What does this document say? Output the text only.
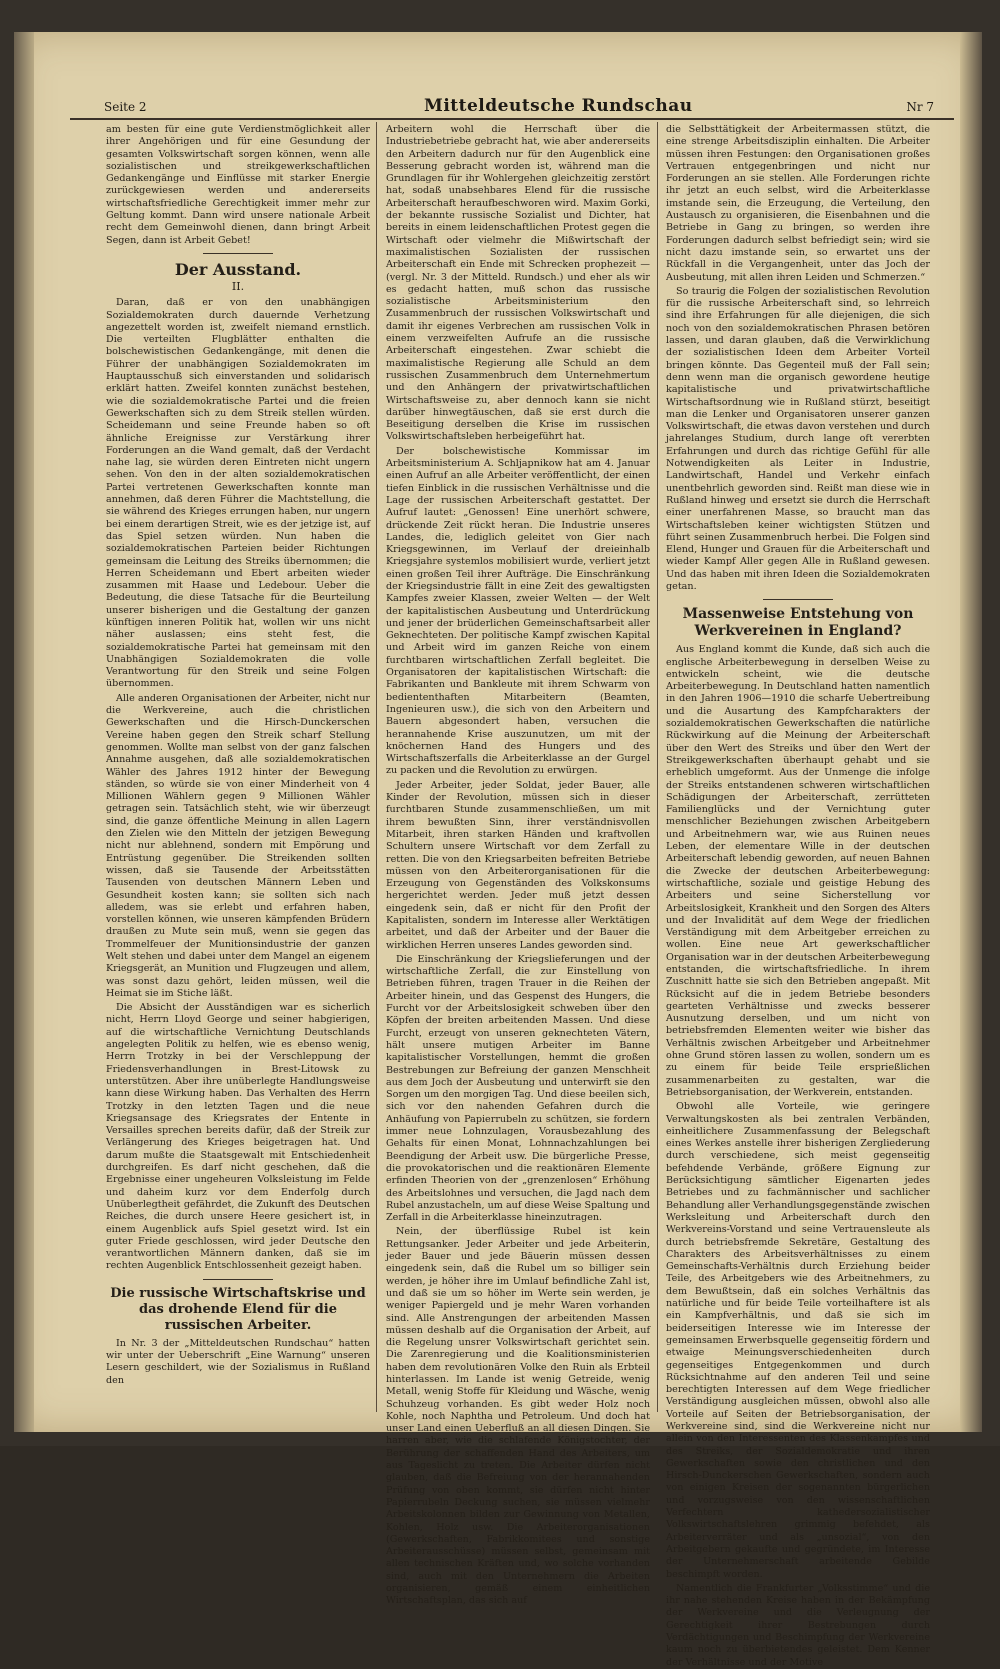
Seite 2	Mitteldeutsche Rundschau	Nr 7

am besten für eine gute Verdienstmöglichkeit aller ihrer Angehörigen und für eine Gesundung der gesamten Volkswirtschaft sorgen können, wenn alle sozialistischen und streikgewerkschaftlichen Gedankengänge und Einflüsse mit starker Energie zurückgewiesen werden und andererseits wirtschaftsfriedliche Gerechtigkeit immer mehr zur Geltung kommt. Dann wird unsere nationale Arbeit recht dem Gemeinwohl dienen, dann bringt Arbeit Segen, dann ist Arbeit Gebet!

Der Ausstand.
II.

Daran, daß er von den unabhängigen Sozialdemokraten durch dauernde Verhetzung angezettelt worden ist, zweifelt niemand ernstlich. Die verteilten Flugblätter enthalten die bolschewistischen Gedankengänge, mit denen die Führer der unabhängigen Sozialdemokraten im Hauptausschuß sich einverstanden und solidarisch erklärt hatten. Zweifel konnten zunächst bestehen, wie die sozialdemokratische Partei und die freien Gewerkschaften sich zu dem Streik stellen würden. Scheidemann und seine Freunde haben so oft ähnliche Ereignisse zur Verstärkung ihrer Forderungen an die Wand gemalt, daß der Verdacht nahe lag, sie würden deren Eintreten nicht ungern sehen. Von den in der alten sozialdemokratischen Partei vertretenen Gewerkschaften konnte man annehmen, daß deren Führer die Machtstellung, die sie während des Krieges errungen haben, nur ungern bei einem derartigen Streit, wie es der jetzige ist, auf das Spiel setzen würden. Nun haben die sozialdemokratischen Parteien beider Richtungen gemeinsam die Leitung des Streiks übernommen; die Herren Scheidemann und Ebert arbeiten wieder zusammen mit Haase und Ledebour. Ueber die Bedeutung, die diese Tatsache für die Beurteilung unserer bisherigen und die Gestaltung der ganzen künftigen inneren Politik hat, wollen wir uns nicht näher auslassen; eins steht fest, die sozialdemokratische Partei hat gemeinsam mit den Unabhängigen Sozialdemokraten die volle Verantwortung für den Streik und seine Folgen übernommen.

Alle anderen Organisationen der Arbeiter, nicht nur die Werkvereine, auch die christlichen Gewerkschaften und die Hirsch-Dunckerschen Vereine haben gegen den Streik scharf Stellung genommen. Wollte man selbst von der ganz falschen Annahme ausgehen, daß alle sozialdemokratischen Wähler des Jahres 1912 hinter der Bewegung ständen, so würde sie von einer Minderheit von 4 Millionen Wählern gegen 9 Millionen Wähler getragen sein. Tatsächlich steht, wie wir überzeugt sind, die ganze öffentliche Meinung in allen Lagern den Zielen wie den Mitteln der jetzigen Bewegung nicht nur ablehnend, sondern mit Empörung und Entrüstung gegenüber. Die Streikenden sollten wissen, daß sie Tausende der Arbeitsstätten Tausenden von deutschen Männern Leben und Gesundheit kosten kann; sie sollten sich nach alledem, was sie erlebt und erfahren haben, vorstellen können, wie unseren kämpfenden Brüdern draußen zu Mute sein muß, wenn sie gegen das Trommelfeuer der Munitionsindustrie der ganzen Welt stehen und dabei unter dem Mangel an eigenem Kriegsgerät, an Munition und Flugzeugen und allem, was sonst dazu gehört, leiden müssen, weil die Heimat sie im Stiche läßt.

Die Absicht der Ausständigen war es sicherlich nicht, Herrn Lloyd George und seiner habgierigen, auf die wirtschaftliche Vernichtung Deutschlands angelegten Politik zu helfen, wie es ebenso wenig, Herrn Trotzky in bei der Verschleppung der Friedensverhandlungen in Brest-Litowsk zu unterstützen. Aber ihre unüberlegte Handlungsweise kann diese Wirkung haben. Das Verhalten des Herrn Trotzky in den letzten Tagen und die neue Kriegsansage des Kriegsrates der Entente in Versailles sprechen bereits dafür, daß der Streik zur Verlängerung des Krieges beigetragen hat. Und darum mußte die Staatsgewalt mit Entschiedenheit durchgreifen. Es darf nicht geschehen, daß die Ergebnisse einer ungeheuren Volksleistung im Felde und daheim kurz vor dem Enderfolg durch Unüberlegtheit gefährdet, die Zukunft des Deutschen Reiches, die durch unsere Heere gesichert ist, in einem Augenblick aufs Spiel gesetzt wird. Ist ein guter Friede geschlossen, wird jeder Deutsche den verantwortlichen Männern danken, daß sie im rechten Augenblick Entschlossenheit gezeigt haben.

Die russische Wirtschaftskrise und das drohende Elend für die russischen Arbeiter.

In Nr. 3 der „Mitteldeutschen Rundschau“ hatten wir unter der Ueberschrift „Eine Warnung“ unseren Lesern geschildert, wie der Sozialismus in Rußland den

Arbeitern wohl die Herrschaft über die Industriebetriebe gebracht hat, wie aber andererseits den Arbeitern dadurch nur für den Augenblick eine Besserung gebracht worden ist, während man die Grundlagen für ihr Wohlergehen gleichzeitig zerstört hat, sodaß unabsehbares Elend für die russische Arbeiterschaft heraufbeschworen wird. Maxim Gorki, der bekannte russische Sozialist und Dichter, hat bereits in einem leidenschaftlichen Protest gegen die Wirtschaft oder vielmehr die Mißwirtschaft der maximalistischen Sozialisten der russischen Arbeiterschaft ein Ende mit Schrecken prophezeit — (vergl. Nr. 3 der Mitteld. Rundsch.) und eher als wir es gedacht hatten, muß schon das russische sozialistische Arbeitsministerium den Zusammenbruch der russischen Volkswirtschaft und damit ihr eigenes Verbrechen am russischen Volk in einem verzweifelten Aufrufe an die russische Arbeiterschaft eingestehen. Zwar schiebt die maximalistische Regierung alle Schuld an dem russischen Zusammenbruch dem Unternehmertum und den Anhängern der privatwirtschaftlichen Wirtschaftsweise zu, aber dennoch kann sie nicht darüber hinwegtäuschen, daß sie erst durch die Beseitigung derselben die Krise im russischen Volkswirtschaftsleben herbeigeführt hat.

Der bolschewistische Kommissar im Arbeitsministerium A. Schljapnikow hat am 4. Januar einen Aufruf an alle Arbeiter veröffentlicht, der einen tiefen Einblick in die russischen Verhältnisse und die Lage der russischen Arbeiterschaft gestattet. Der Aufruf lautet: „Genossen! Eine unerhört schwere, drückende Zeit rückt heran. Die Industrie unseres Landes, die, lediglich geleitet von Gier nach Kriegsgewinnen, im Verlauf der dreieinhalb Kriegsjahre systemlos mobilisiert wurde, verliert jetzt einen großen Teil ihrer Aufträge. Die Einschränkung der Kriegsindustrie fällt in eine Zeit des gewaltigsten Kampfes zweier Klassen, zweier Welten — der Welt der kapitalistischen Ausbeutung und Unterdrückung und jener der brüderlichen Gemeinschaftsarbeit aller Geknechteten. Der politische Kampf zwischen Kapital und Arbeit wird im ganzen Reiche von einem furchtbaren wirtschaftlichen Zerfall begleitet. Die Organisatoren der kapitalistischen Wirtschaft: die Fabrikanten und Bankleute mit ihrem Schwarm von bediententhaften Mitarbeitern (Beamten, Ingenieuren usw.), die sich von den Arbeitern und Bauern abgesondert haben, versuchen die herannahende Krise auszunutzen, um mit der knöchernen Hand des Hungers und des Wirtschaftszerfalls die Arbeiterklasse an der Gurgel zu packen und die Revolution zu erwürgen.

Jeder Arbeiter, jeder Soldat, jeder Bauer, alle Kinder der Revolution, müssen sich in dieser furchtbaren Stunde zusammenschließen, um mit ihrem bewußten Sinn, ihrer verständnisvollen Mitarbeit, ihren starken Händen und kraftvollen Schultern unsere Wirtschaft vor dem Zerfall zu retten. Die von den Kriegsarbeiten befreiten Betriebe müssen von den Arbeiterorganisationen für die Erzeugung von Gegenständen des Volkskonsums hergerichtet werden. Jeder muß jetzt dessen eingedenk sein, daß er nicht für den Profit der Kapitalisten, sondern im Interesse aller Werktätigen arbeitet, und daß der Arbeiter und der Bauer die wirklichen Herren unseres Landes geworden sind.

Die Einschränkung der Kriegslieferungen und der wirtschaftliche Zerfall, die zur Einstellung von Betrieben führen, tragen Trauer in die Reihen der Arbeiter hinein, und das Gespenst des Hungers, die Furcht vor der Arbeitslosigkeit schweben über den Köpfen der breiten arbeitenden Massen. Und diese Furcht, erzeugt von unseren geknechteten Vätern, hält unsere mutigen Arbeiter im Banne kapitalistischer Vorstellungen, hemmt die großen Bestrebungen zur Befreiung der ganzen Menschheit aus dem Joch der Ausbeutung und unterwirft sie den Sorgen um den morgigen Tag. Und diese beeilen sich, sich vor den nahenden Gefahren durch die Anhäufung von Papierrubeln zu schützen, sie fordern immer neue Lohnzulagen, Vorausbezahlung des Gehalts für einen Monat, Lohnnachzahlungen bei Beendigung der Arbeit usw. Die bürgerliche Presse, die provokatorischen und die reaktionären Elemente erfinden Theorien von der „grenzenlosen“ Erhöhung des Arbeitslohnes und versuchen, die Jagd nach dem Rubel anzustacheln, um auf diese Weise Spaltung und Zerfall in die Arbeiterklasse hineinzutragen.

Nein, der überflüssige Rubel ist kein Rettungsanker. Jeder Arbeiter und jede Arbeiterin, jeder Bauer und jede Bäuerin müssen dessen eingedenk sein, daß die Rubel um so billiger sein werden, je höher ihre im Umlauf befindliche Zahl ist, und daß sie um so höher im Werte sein werden, je weniger Papiergeld und je mehr Waren vorhanden sind. Alle Anstrengungen der arbeitenden Massen müssen deshalb auf die Organisation der Arbeit, auf die Regelung unsrer Volkswirtschaft gerichtet sein. Die Zarenregierung und die Koalitionsministerien haben dem revolutionären Volke den Ruin als Erbteil hinterlassen. Im Lande ist wenig Getreide, wenig Metall, wenig Stoffe für Kleidung und Wäsche, wenig Schuhzeug vorhanden. Es gibt weder Holz noch Kohle, noch Naphtha und Petroleum. Und doch hat unser Land einen Ueberfluß an all diesen Dingen. Sie harren aber, wie die schlafende Königstochter, der Berührung der schaffenden Hand des Arbeiters, um aus Tageslicht zu treten. Die Arbeiter dürfen nicht glauben, daß die Befreiung von der herannahenden Prüfung von oben kommt, sie dürfen nicht hinter Papierrubeln Deckung suchen, sie müssen vielmehr Arbeitskolonnen bilden zur Gewinnung von Metallen, Kohlen, Holz usw. Die Arbeiterorganisationen (Gewerkschaften, Fabrikkomitees und sonstige Arbeiterausschüsse) müssen selbst, gemeinsam mit allen technischen Kräften und, wo solche vorhanden sind, auch mit den Unternehmern die Arbeiten organisieren, gemäß einem einheitlichen Wirtschaftsplan, das sich auf

die Selbsttätigkeit der Arbeitermassen stützt, die eine strenge Arbeitsdisziplin einhalten. Die Arbeiter müssen ihren Festungen: den Organisationen großes Vertrauen entgegenbringen und nicht nur Forderungen an sie stellen. Alle Forderungen richte ihr jetzt an euch selbst, wird die Arbeiterklasse imstande sein, die Erzeugung, die Verteilung, den Austausch zu organisieren, die Eisenbahnen und die Betriebe in Gang zu bringen, so werden ihre Forderungen dadurch selbst befriedigt sein; wird sie nicht dazu imstande sein, so erwartet uns der Rückfall in die Vergangenheit, unter das Joch der Ausbeutung, mit allen ihren Leiden und Schmerzen.“

So traurig die Folgen der sozialistischen Revolution für die russische Arbeiterschaft sind, so lehrreich sind ihre Erfahrungen für alle diejenigen, die sich noch von den sozialdemokratischen Phrasen betören lassen, und daran glauben, daß die Verwirklichung der sozialistischen Ideen dem Arbeiter Vorteil bringen könnte. Das Gegenteil muß der Fall sein; denn wenn man die organisch gewordene heutige kapitalistische und privatwirtschaftliche Wirtschaftsordnung wie in Rußland stürzt, beseitigt man die Lenker und Organisatoren unserer ganzen Volkswirtschaft, die etwas davon verstehen und durch jahrelanges Studium, durch lange oft vererbten Erfahrungen und durch das richtige Gefühl für alle Notwendigkeiten als Leiter in Industrie, Landwirtschaft, Handel und Verkehr einfach unentbehrlich geworden sind. Reißt man diese wie in Rußland hinweg und ersetzt sie durch die Herrschaft einer unerfahrenen Masse, so braucht man das Wirtschaftsleben keiner wichtigsten Stützen und führt seinen Zusammenbruch herbei. Die Folgen sind Elend, Hunger und Grauen für die Arbeiterschaft und wieder Kampf Aller gegen Alle in Rußland gewesen. Und das haben mit ihren Ideen die Sozialdemokraten getan.

Massenweise Entstehung von Werkvereinen in England?

Aus England kommt die Kunde, daß sich auch die englische Arbeiterbewegung in derselben Weise zu entwickeln scheint, wie die deutsche Arbeiterbewegung. In Deutschland hatten namentlich in den Jahren 1906—1910 die scharfe Uebertreibung und die Ausartung des Kampfcharakters der sozialdemokratischen Gewerkschaften die natürliche Rückwirkung auf die Meinung der Arbeiterschaft über den Wert des Streiks und über den Wert der Streikgewerkschaften überhaupt gehabt und sie erheblich umgeformt. Aus der Unmenge die infolge der Streiks entstandenen schweren wirtschaftlichen Schädigungen der Arbeiterschaft, zerrütteten Familienglücks und der Vernichtung guter menschlicher Beziehungen zwischen Arbeitgebern und Arbeitnehmern war, wie aus Ruinen neues Leben, der elementare Wille in der deutschen Arbeiterschaft lebendig geworden, auf neuen Bahnen die Zwecke der deutschen Arbeiterbewegung: wirtschaftliche, soziale und geistige Hebung des Arbeiters und seine Sicherstellung vor Arbeitslosigkeit, Krankheit und den Sorgen des Alters und der Invalidität auf dem Wege der friedlichen Verständigung mit dem Arbeitgeber erreichen zu wollen. Eine neue Art gewerkschaftlicher Organisation war in der deutschen Arbeiterbewegung entstanden, die wirtschaftsfriedliche. In ihrem Zuschnitt hatte sie sich den Betrieben angepaßt. Mit Rücksicht auf die in jedem Betriebe besonders gearteten Verhältnisse und zwecks besserer Ausnutzung derselben, und um nicht von betriebsfremden Elementen weiter wie bisher das Verhältnis zwischen Arbeitgeber und Arbeitnehmer ohne Grund stören lassen zu wollen, sondern um es zu einem für beide Teile ersprießlichen zusammenarbeiten zu gestalten, war die Betriebsorganisation, der Werkverein, entstanden.

Obwohl alle Vorteile, wie geringere Verwaltungskosten als bei zentralen Verbänden, einheitlichere Zusammenfassung der Belegschaft eines Werkes anstelle ihrer bisherigen Zergliederung durch verschiedene, sich meist gegenseitig befehdende Verbände, größere Eignung zur Berücksichtigung sämtlicher Eigenarten jedes Betriebes und zu fachmännischer und sachlicher Behandlung aller Verhandlungsgegenstände zwischen Werksleitung und Arbeiterschaft durch den Werkvereins-Vorstand und seine Vertrauensleute als durch betriebsfremde Sekretäre, Gestaltung des Charakters des Arbeitsverhältnisses zu einem Gemeinschafts-Verhältnis durch Erziehung beider Teile, des Arbeitgebers wie des Arbeitnehmers, zu dem Bewußtsein, daß ein solches Verhältnis das natürliche und für beide Teile vorteilhaftere ist als ein Kampfverhältnis, und daß sie sich im beiderseitigen Interesse wie im Interesse der gemeinsamen Erwerbsquelle gegenseitig fördern und etwaige Meinungsverschiedenheiten durch gegenseitiges Entgegenkommen und durch Rücksichtnahme auf den anderen Teil und seine berechtigten Interessen auf dem Wege friedlicher Verständigung ausgleichen müssen, obwohl also alle Vorteile auf Seiten der Betriebsorganisation, der Werkvereine sind, sind die Werkvereine nicht nur allein von den Interessenten des Klassenkampfes und des Streiks, der Sozialdemokratie und ihren Gewerkschaften sowie den christlichen und den Hirsch-Dunckerschen Gewerkschaften, sondern auch von einigen Kreisen der sogenannten bürgerlichen und vorzugsweise von den wissenschaftlichen Verfechtern kathedersozialistischer Volkswirtschaftslehren grimmig befehdet, als Arbeiterverräter und als „unsozial“, von den Arbeitgebern gekaufte und gegründete, im Interesse der Unternehmerschaft arbeitende Gebilde beschimpft worden.

Namentlich die Frankfurter „Volksstimme“ und die ihr nahe stehenden Kreise haben in der Bekämpfung der Werkvereine und die Verleugnung der Gerechtigkeit ihrer Bestrebungen durch Verdächtigungen und Beschimpfung der Werkvereine kaum noch zu überbietendes geleistet. Dem Kenner der Verhältnisse und der Motive
